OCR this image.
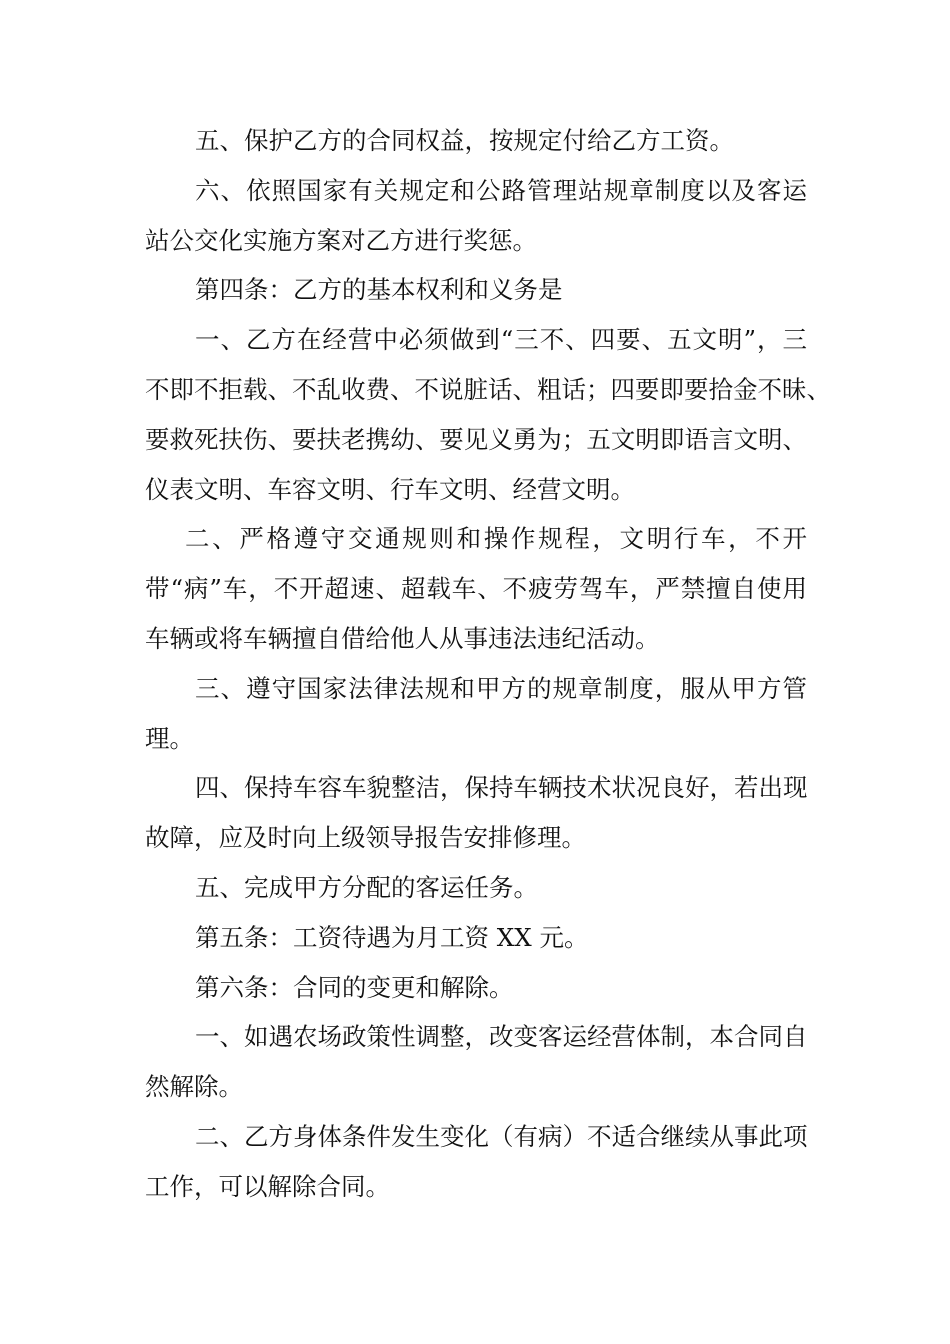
五、保护乙方的合同权益，按规定付给乙方工资。
六、依照国家有关规定和公路管理站规章制度以及客运
站公交化实施方案对乙方进行奖惩。
第四条：乙方的基本权利和义务是
一、乙方在经营中必须做到“三不、四要、五文明”，三
不即不拒载、不乱收费、不说脏话、粗话；四要即要拾金不昧、
要救死扶伤、要扶老携幼、要见义勇为；五文明即语言文明、
仪表文明、车容文明、行车文明、经营文明。
二、严格遵守交通规则和操作规程，文明行车，不开
带“病”车，不开超速、超载车、不疲劳驾车，严禁擅自使用
车辆或将车辆擅自借给他人从事违法违纪活动。
三、遵守国家法律法规和甲方的规章制度，服从甲方管
理。
四、保持车容车貌整洁，保持车辆技术状况良好，若出现
故障，应及时向上级领导报告安排修理。
五、完成甲方分配的客运任务。
第五条：工资待遇为月工资 XX 元。
第六条：合同的变更和解除。
一、如遇农场政策性调整，改变客运经营体制，本合同自
然解除。
二、乙方身体条件发生变化（有病）不适合继续从事此项
工作，可以解除合同。
